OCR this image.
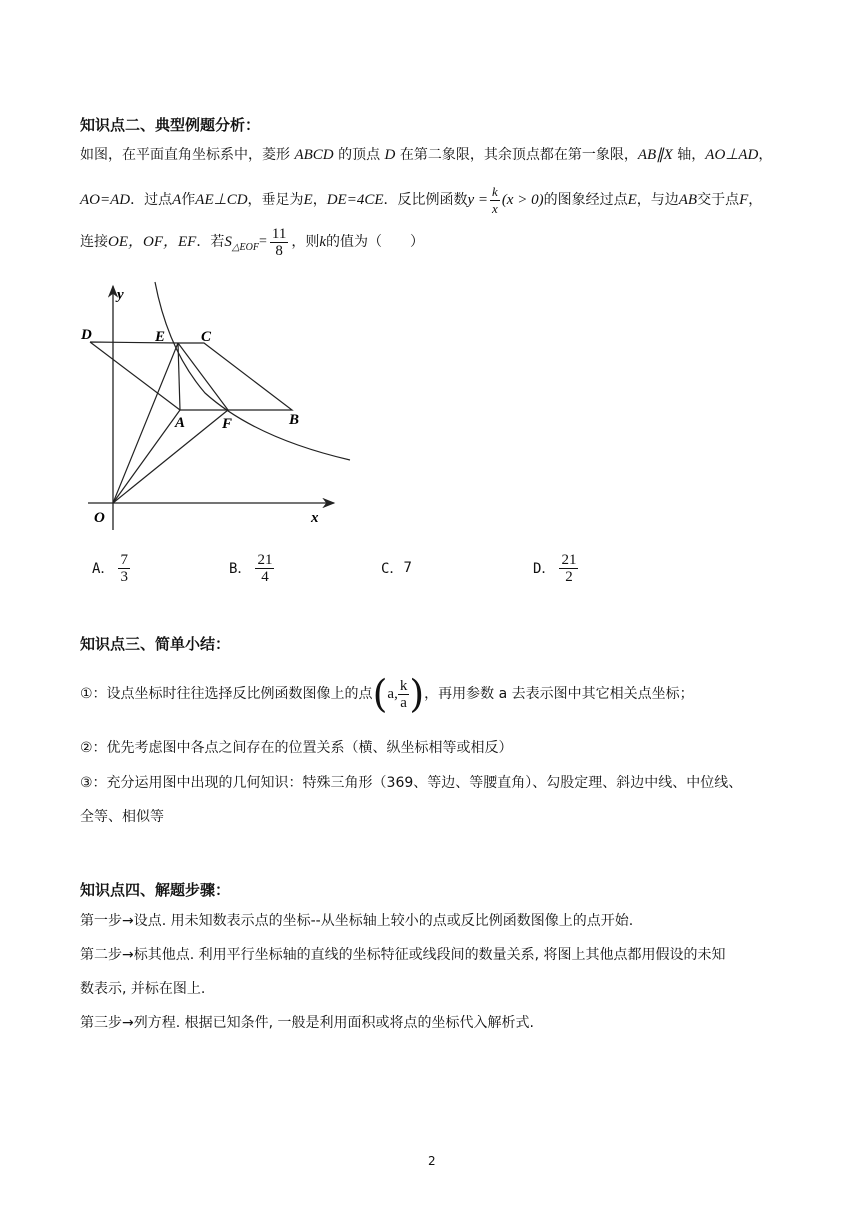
知识点二、典型例题分析：
如图，在平面直角坐标系中，菱形 ABCD 的顶点 D 在第二象限，其余顶点都在第一象限，AB∥X 轴，AO⊥AD，
AO=AD ．过点 A 作 AE⊥CD ，垂足为 E ， DE=4CE ．反比例函数 $y = \frac{k}{x} (x > 0)$ 的图象经过点 E ，与边 AB 交于点 F ，
连接 OE，OF，EF ．若 S △EOF = $\frac{11}{8}$ ，则 k 的值为（　　）
y
x
O
D	E C
A F	B
A． $\frac{7}{3}$	B． $\frac{21}{4}$	C． 7	D． $\frac{21}{2}$
知识点三、简单小结：
①：设点坐标时往往选择反比例函数图像上的点 ( a , $\frac{k}{a}$ ) ，再用参数 a 去表示图中其它相关点坐标；
②：优先考虑图中各点之间存在的位置关系（横、纵坐标相等或相反）
③：充分运用图中出现的几何知识：特殊三角形（369、等边、等腰直角）、勾股定理、斜边中线、中位线、
全等、相似等
知识点四、解题步骤：
第一步→设点. 用未知数表示点的坐标--从坐标轴上较小的点或反比例函数图像上的点开始.
第二步→标其他点. 利用平行坐标轴的直线的坐标特征或线段间的数量关系, 将图上其他点都用假设的未知
数表示, 并标在图上.
第三步→列方程. 根据已知条件, 一般是利用面积或将点的坐标代入解析式.
2
